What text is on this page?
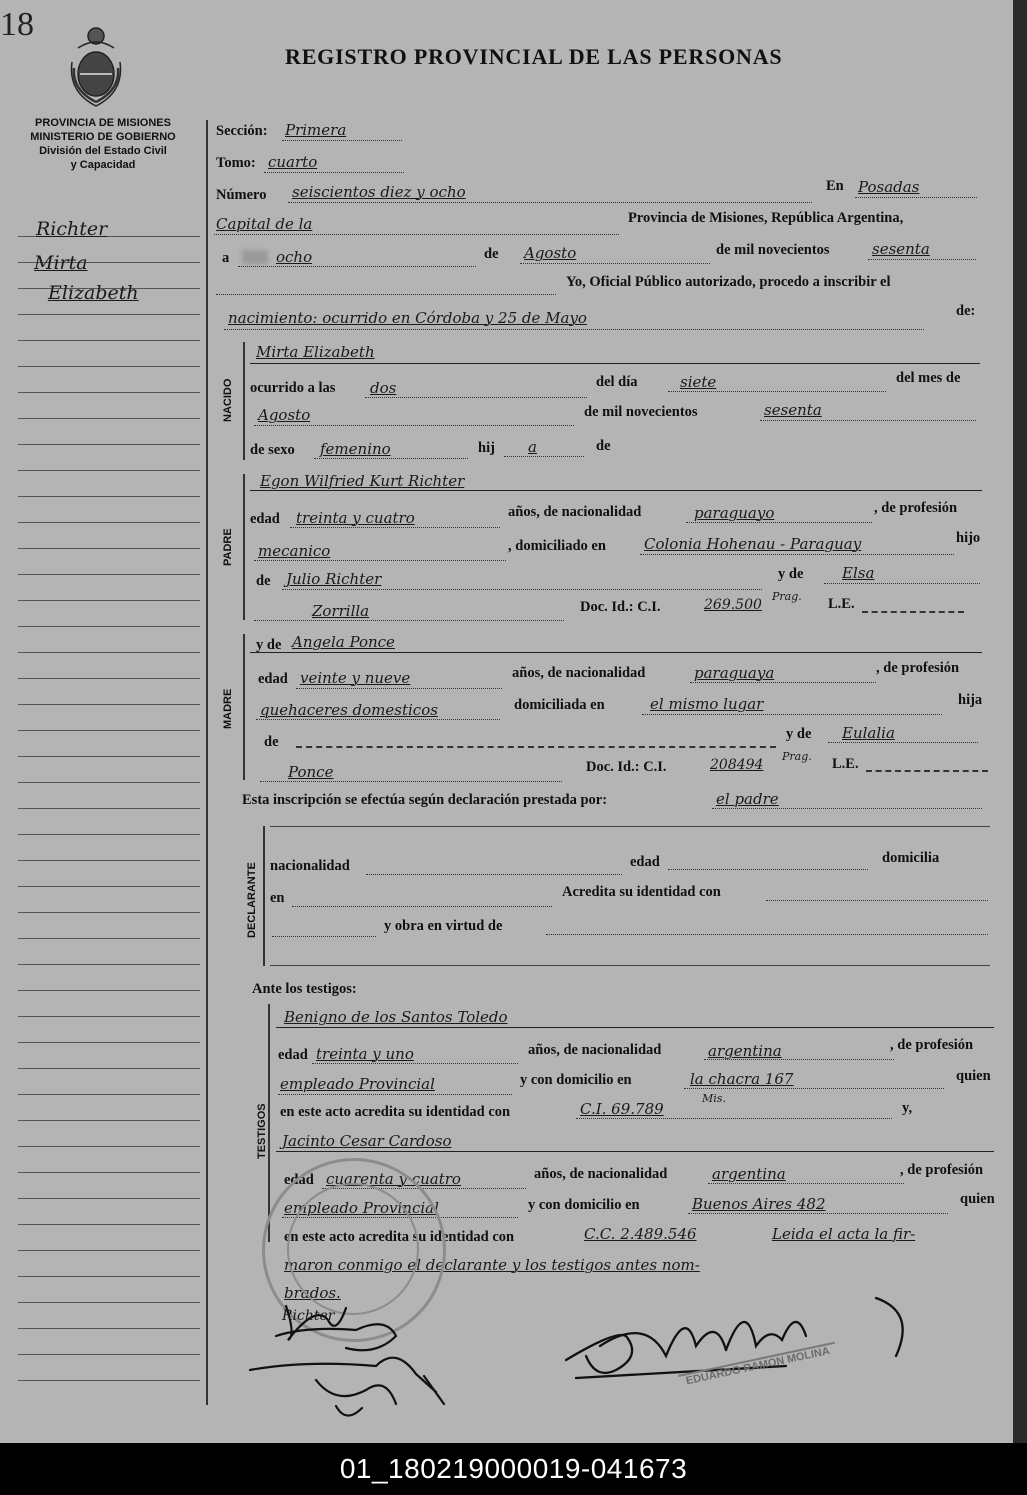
18
REGISTRO PROVINCIAL DE LAS PERSONAS
PROVINCIA DE MISIONES
MINISTERIO DE GOBIERNO
División del Estado Civil
y Capacidad
Richter
Mirta
Elizabeth
Sección: Primera
Tomo: cuarto
Número seiscientos diez y ocho	En Posadas
Capital de la	Provincia de Misiones, República Argentina,
a	ocho	de Agosto	de mil novecientos	sesenta
Yo, Oficial Público autorizado, procedo a inscribir el
nacimiento: ocurrido en Córdoba y 25 de Mayo	de:
NACIDO
Mirta Elizabeth
ocurrido a las dos	del día	siete	del mes de
Agosto	de mil novecientos	sesenta
de sexo femenino	hij a	de
PADRE
Egon Wilfried Kurt Richter
edad treinta y cuatro	años, de nacionalidad	paraguayo	, de profesión
mecanico	, domiciliado en	Colonia Hohenau - Paraguay	hijo
de Julio Richter	y de	Elsa
Zorrilla	Doc. Id.: C.I.	269.500
Prag. L.E.
MADRE
y de Angela Ponce
edad veinte y nueve	años, de nacionalidad	paraguaya	, de profesión
quehaceres domesticos	domiciliada en	el mismo lugar	hija
de	y de Eulalia
Ponce	Doc. Id.: C.I.	208494
Prag. L.E.
Esta inscripción se efectúa según declaración prestada por:	el padre
DECLARANTE nacionalidad	edad	domicilia
en	Acredita su identidad con
y obra en virtud de
Ante los testigos:
TESTIGOS
Benigno de los Santos Toledo
edad treinta y uno	años, de nacionalidad	argentina	, de profesión
empleado Provincial	y con domicilio en	la chacra 167	quien
en este acto acredita su identidad con	C.I. 69.789
Mis.
y,
Jacinto Cesar Cardoso
edad cuarenta y cuatro	años, de nacionalidad	argentina	, de profesión
empleado Provincial	y con domicilio en	Buenos Aires 482	quien
en este acto acredita su identidad con	C.C. 2.489.546	Leida el acta la fir-
maron conmigo el declarante y los testigos antes nom-
brados.
Richter
EDUARDO RAMON MOLINA
01_180219000019-041673
